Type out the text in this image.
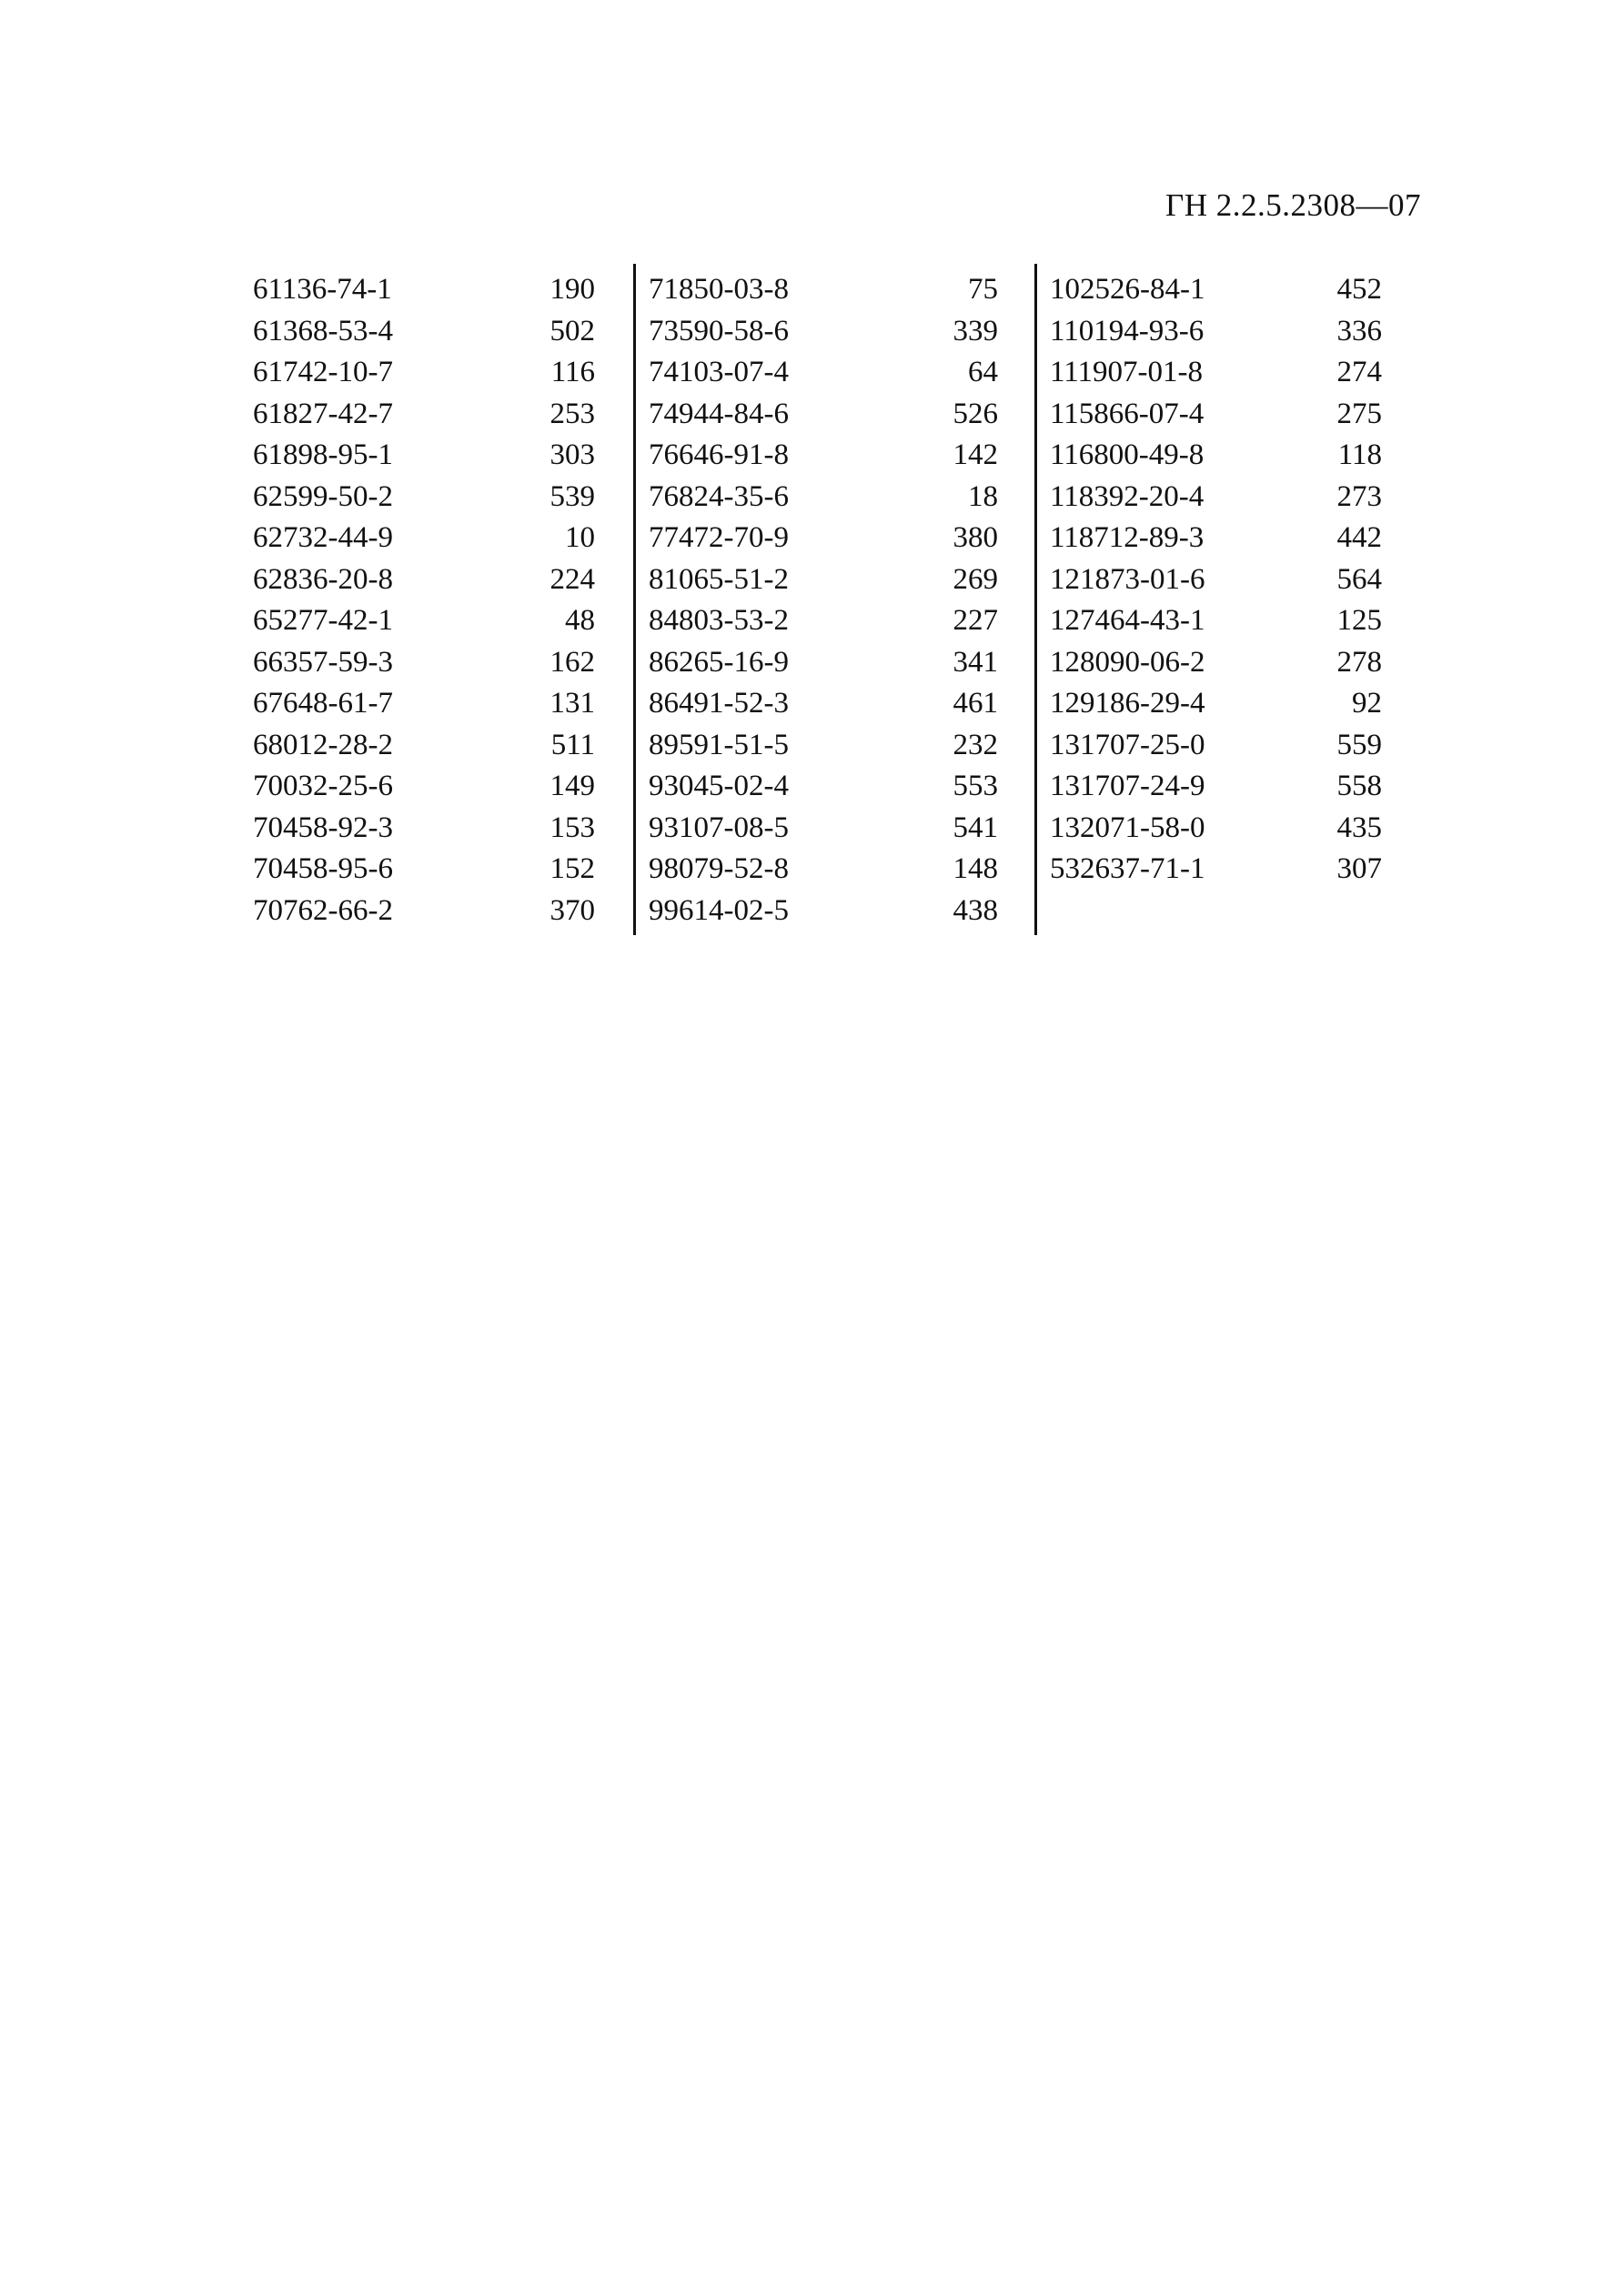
ГН 2.2.5.2308—07
61136-74-1	190
61368-53-4	502
61742-10-7	116
61827-42-7	253
61898-95-1	303
62599-50-2	539
62732-44-9	10
62836-20-8	224
65277-42-1	48
66357-59-3	162
67648-61-7	131
68012-28-2	511
70032-25-6	149
70458-92-3	153
70458-95-6	152
70762-66-2	370
71850-03-8	75
73590-58-6	339
74103-07-4	64
74944-84-6	526
76646-91-8	142
76824-35-6	18
77472-70-9	380
81065-51-2	269
84803-53-2	227
86265-16-9	341
86491-52-3	461
89591-51-5	232
93045-02-4	553
93107-08-5	541
98079-52-8	148
99614-02-5	438
102526-84-1	452
110194-93-6	336
111907-01-8	274
115866-07-4	275
116800-49-8	118
118392-20-4	273
118712-89-3	442
121873-01-6	564
127464-43-1	125
128090-06-2	278
129186-29-4	92
131707-25-0	559
131707-24-9	558
132071-58-0	435
532637-71-1	307
